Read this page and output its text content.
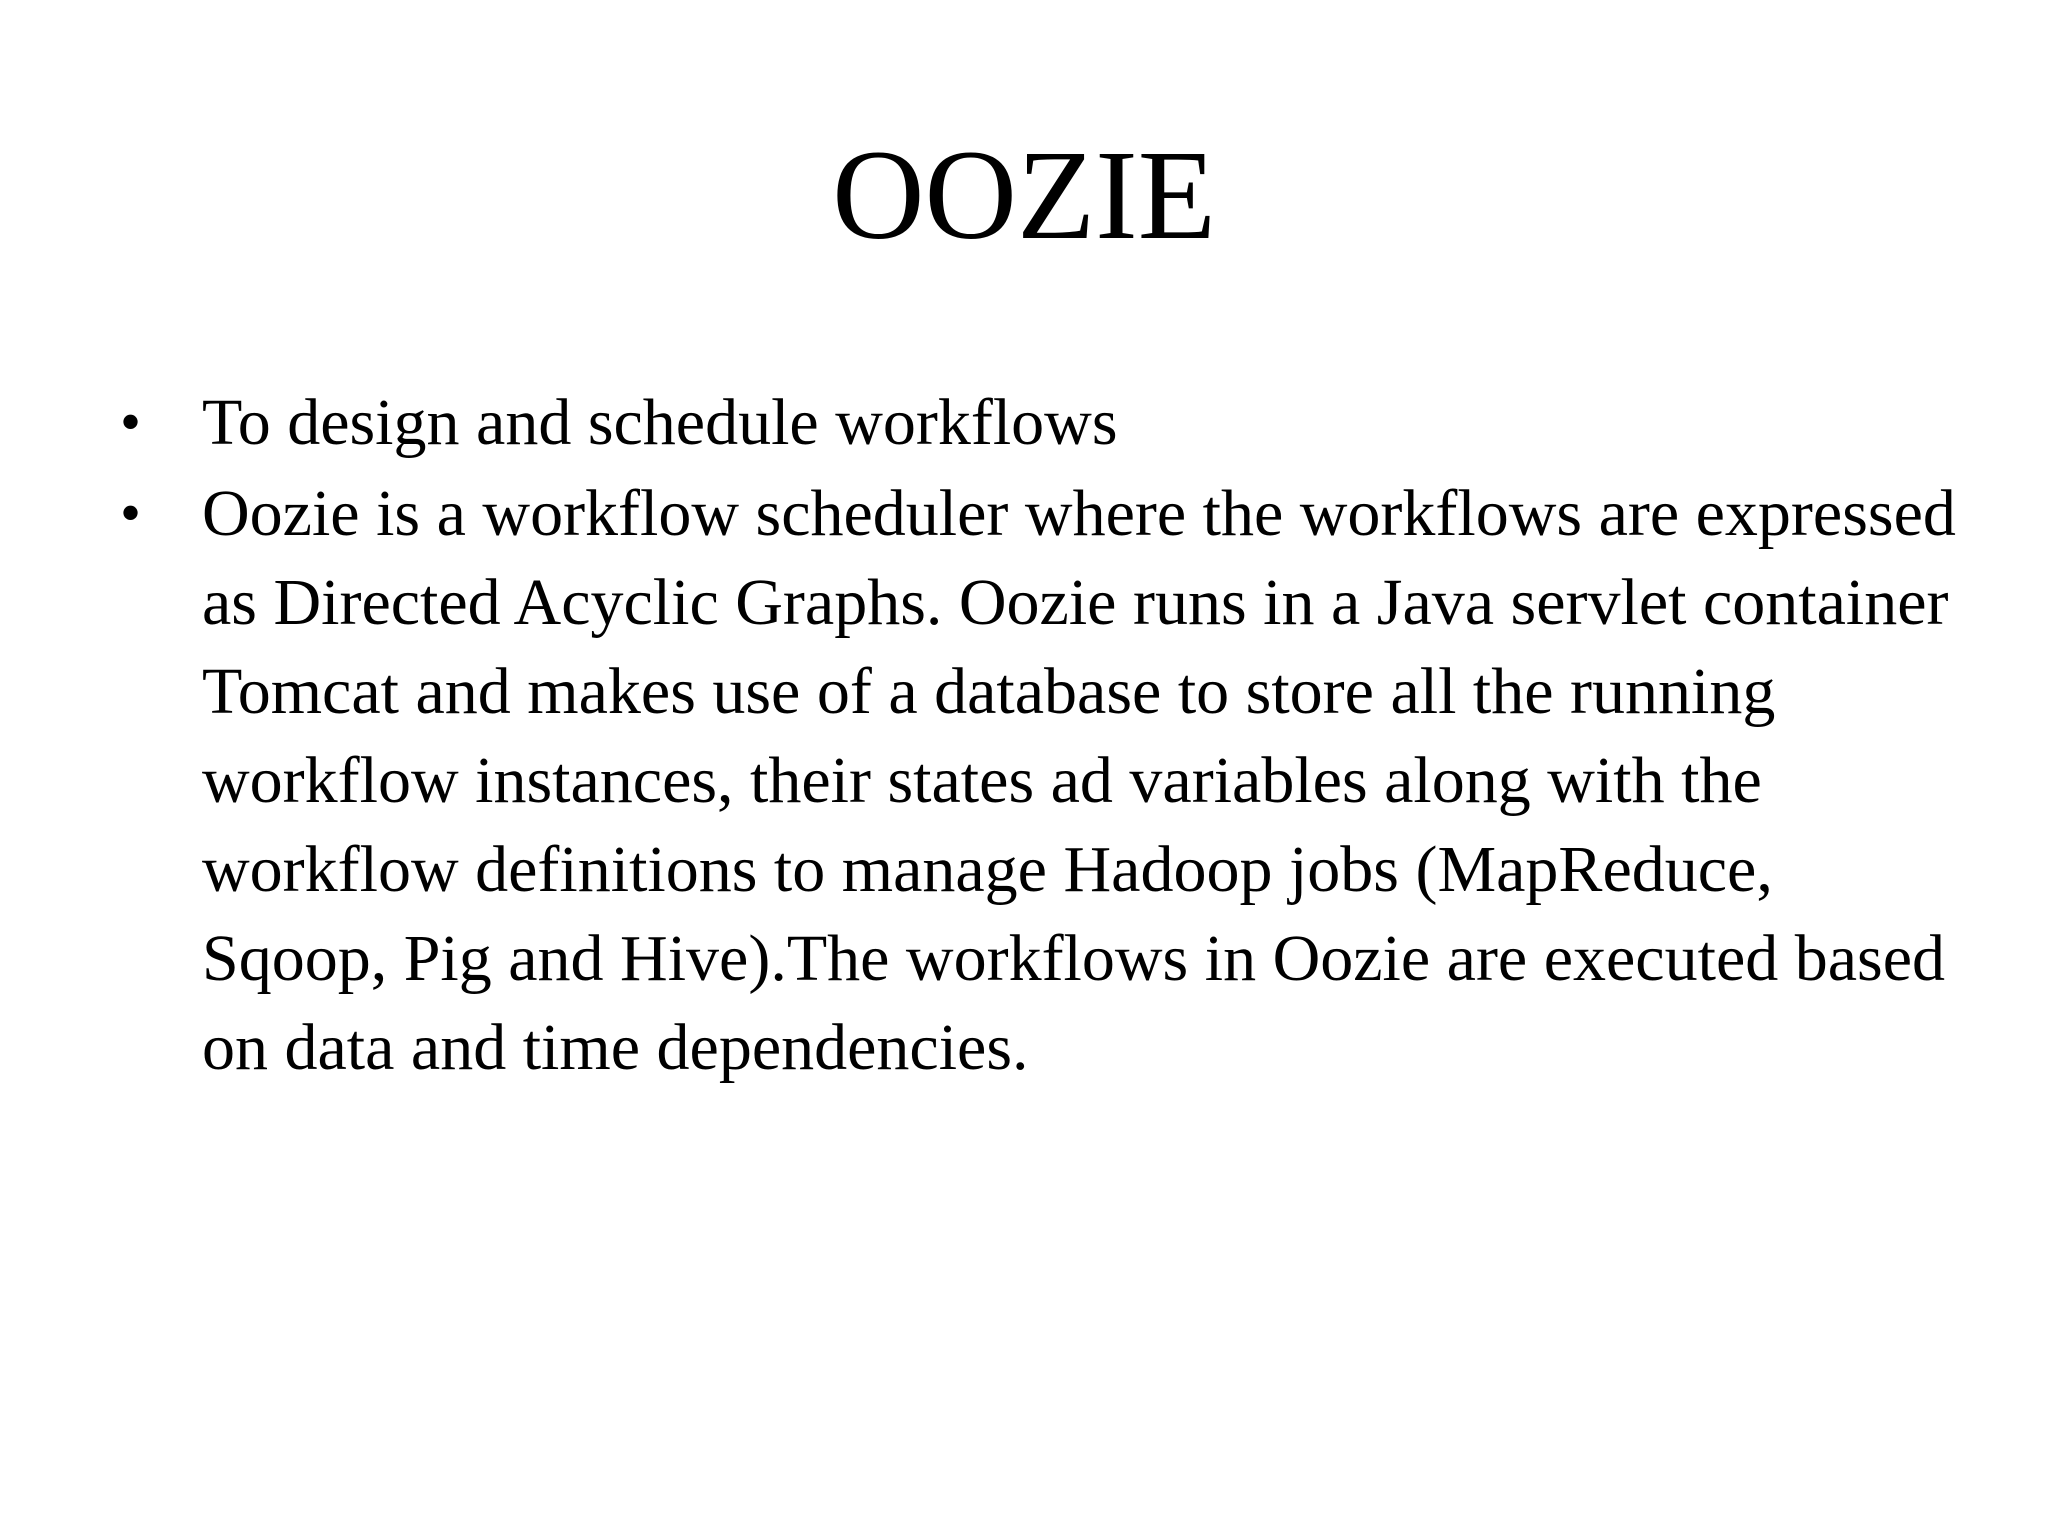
OOZIE
• To design and schedule workflows
• Oozie is a workflow scheduler where the workflows are expressed as Directed Acyclic Graphs. Oozie runs in a Java servlet container Tomcat and makes use of a database to store all the running workflow instances, their states ad variables along with the workflow definitions to manage Hadoop jobs (MapReduce, Sqoop, Pig and Hive).The workflows in Oozie are executed based on data and time dependencies.
